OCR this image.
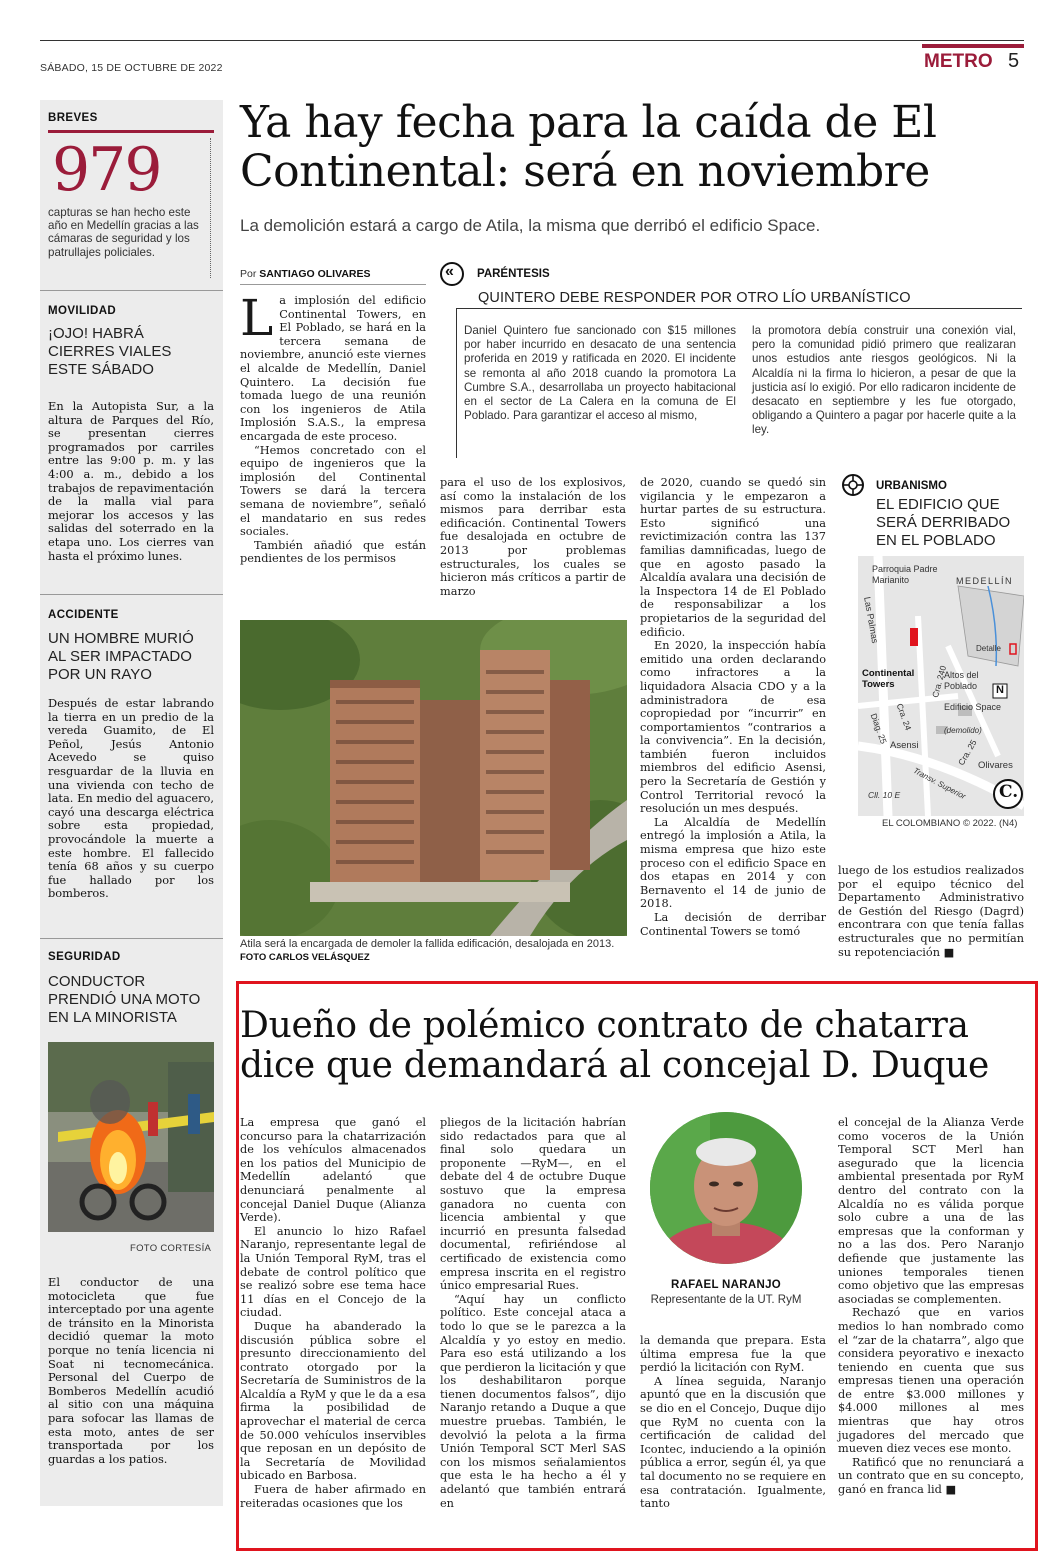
SÁBADO, 15 DE OCTUBRE DE 2022	METRO 5
BREVES
979
capturas se han hecho este año en Medellín gracias a las cámaras de seguridad y los patrullajes policiales.
MOVILIDAD
¡OJO! HABRÁ CIERRES VIALES ESTE SÁBADO
En la Autopista Sur, a la altura de Parques del Río, se presentan cierres programados por carriles entre las 9:00 p. m. y las 4:00 a. m., debido a los trabajos de repavimentación de la malla vial para mejorar los accesos y las salidas del soterrado en la etapa uno. Los cierres van hasta el próximo lunes.
ACCIDENTE
UN HOMBRE MURIÓ AL SER IMPACTADO POR UN RAYO
Después de estar labrando la tierra en un predio de la vereda Guamito, de El Peñol, Jesús Antonio Acevedo se quiso resguardar de la lluvia en una vivienda con techo de lata. En medio del aguacero, cayó una descarga eléctrica sobre esta propiedad, provocándole la muerte a este hombre. El fallecido tenía 68 años y su cuerpo fue hallado por los bomberos.
SEGURIDAD
CONDUCTOR PRENDIÓ UNA MOTO EN LA MINORISTA
El conductor de una motocicleta que fue interceptado por una agente de tránsito en la Minorista decidió quemar la moto porque no tenía licencia ni Soat ni tecnomecánica. Personal del Cuerpo de Bomberos Medellín acudió al sitio con una máquina para sofocar las llamas de esta moto, antes de ser transportada por los guardas a los patios.
FOTO CORTESÍA
Ya hay fecha para la caída de El Continental: será en noviembre
La demolición estará a cargo de Atila, la misma que derribó el edificio Space.
Por SANTIAGO OLIVARES

La implosión del edificio Continental Towers, en El Poblado, se hará en la tercera semana de noviembre, anunció este viernes el alcalde de Medellín, Daniel Quintero. La decisión fue tomada luego de una reunión con los ingenieros de Atila Implosión S.A.S., la empresa encargada de este proceso.

“Hemos concretado con el equipo de ingenieros que la implosión del Continental Towers se dará la tercera semana de noviembre”, señaló el mandatario en sus redes sociales.

También añadió que están pendientes de los permisos

para el uso de los explosivos, así como la instalación de los mismos para derribar esta edificación. Continental Towers fue desalojada en octubre de 2013 por problemas estructurales, los cuales se hicieron más críticos a partir de marzo

de 2020, cuando se quedó sin vigilancia y le empezaron a hurtar partes de su estructura. Esto significó una revictimización contra las 137 familias damnificadas, luego de que en agosto pasado la Alcaldía avalara una decisión de la Inspectora 14 de El Poblado de responsabilizar a los propietarios de la seguridad del edificio.

En 2020, la inspección había emitido una orden declarando como infractores a la liquidadora Alsacia CDO y a la administradora de esa copropiedad por “incurrir” en comportamientos “contrarios a la convivencia”. En la decisión, también fueron incluidos miembros del edificio Asensi, pero la Secretaría de Gestión y Control Territorial revocó la resolución un mes después.

La Alcaldía de Medellín entregó la implosión a Atila, la misma empresa que hizo este proceso con el edificio Space en dos etapas en 2014 y con Bernavento el 14 de junio de 2018.

La decisión de derribar Continental Towers se tomó

luego de los estudios realizados por el equipo técnico del Departamento Administrativo de Gestión del Riesgo (Dagrd) encontrara con que tenía fallas estructurales que no permitían su repotenciación ■

Atila será la encargada de demoler la fallida edificación, desalojada en 2013. FOTO CARLOS VELÁSQUEZ
« PARÉNTESIS
QUINTERO DEBE RESPONDER POR OTRO LÍO URBANÍSTICO
Daniel Quintero fue sancionado con $15 millones por haber incurrido en desacato de una sentencia proferida en 2019 y ratificada en 2020. El incidente se remonta al año 2018 cuando la promotora La Cumbre S.A., desarrollaba un proyecto habitacional en el sector de La Calera en la comuna de El Poblado. Para garantizar el acceso al mismo,
la promotora debía construir una conexión vial, pero la comunidad pidió primero que realizaran unos estudios ante riesgos geológicos. Ni la Alcaldía ni la firma lo hicieron, a pesar de que la justicia así lo exigió. Por ello radicaron incidente de desacato en septiembre y les fue otorgado, obligando a Quintero a pagar por hacerle quite a la ley.
URBANISMO
EL EDIFICIO QUE SERÁ DERRIBADO EN EL POBLADO
Parroquia Padre Marianito	MEDELLÍN
Las Palmas
Detalle
Continental Towers	Cra. 240
Altos del Poblado
Cra. 24
Diag. 25
Edificio Space
(demolido)
Asensi	Cra. 25 Olivares
Transv. Superior
Cll. 10 E
N
C.
EL COLOMBIANO © 2022. (N4)
Dueño de polémico contrato de chatarra dice que demandará al concejal D. Duque

La empresa que ganó el concurso para la chatarrización de los vehículos almacenados en los patios del Municipio de Medellín adelantó que denunciará penalmente al concejal Daniel Duque (Alianza Verde).

El anuncio lo hizo Rafael Naranjo, representante legal de la Unión Temporal RyM, tras el debate de control político que se realizó sobre ese tema hace 11 días en el Concejo de la ciudad.

Duque ha abanderado la discusión pública sobre el presunto direccionamiento del contrato otorgado por la Secretaría de Suministros de la Alcaldía a RyM y que le da a esa firma la posibilidad de aprovechar el material de cerca de 50.000 vehículos inservibles que reposan en un depósito de la Secretaría de Movilidad ubicado en Barbosa.

Fuera de haber afirmado en reiteradas ocasiones que los

pliegos de la licitación habrían sido redactados para que al final solo quedara un proponente —RyM—, en el debate del 4 de octubre Duque sostuvo que la empresa ganadora no cuenta con licencia ambiental y que incurrió en presunta falsedad documental, refiriéndose al certificado de existencia como empresa inscrita en el registro único empresarial Rues.

“Aquí hay un conflicto político. Este concejal ataca a todo lo que se le parezca a la Alcaldía y yo estoy en medio. Para eso está utilizando a los que perdieron la licitación y que los deshabilitaron porque tienen documentos falsos”, dijo Naranjo retando a Duque a que muestre pruebas. También, le devolvió la pelota a la firma Unión Temporal SCT Merl SAS con los mismos señalamientos que esta le ha hecho a él y adelantó que también entrará en

RAFAEL NARANJO
Representante de la UT. RyM

la demanda que prepara. Esta última empresa fue la que perdió la licitación con RyM.

A línea seguida, Naranjo apuntó que en la discusión que se dio en el Concejo, Duque dijo que RyM no cuenta con la certificación de calidad del Icontec, induciendo a la opinión pública a error, según él, ya que tal documento no se requiere en esa contratación. Igualmente, tanto

el concejal de la Alianza Verde como voceros de la Unión Temporal SCT Merl han asegurado que la licencia ambiental presentada por RyM dentro del contrato con la Alcaldía no es válida porque solo cubre a una de las empresas que la conforman y no a las dos. Pero Naranjo defiende que justamente las uniones temporales tienen como objetivo que las empresas asociadas se complementen.

Rechazó que en varios medios lo han nombrado como el “zar de la chatarra”, algo que considera peyorativo e inexacto teniendo en cuenta que sus empresas tienen una operación de entre $3.000 millones y $4.000 millones al mes mientras que hay otros jugadores del mercado que mueven diez veces ese monto.

Ratificó que no renunciará a un contrato que en su concepto, ganó en franca lid ■
